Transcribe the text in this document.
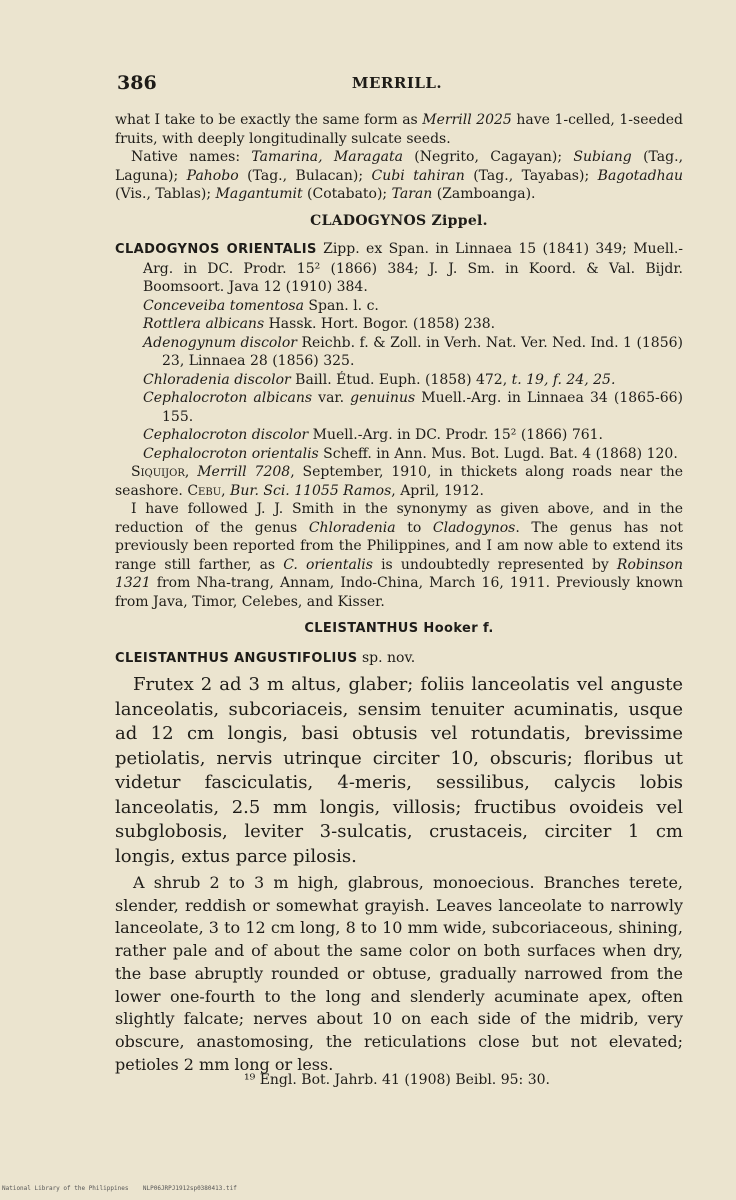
386	MERRILL.

what I take to be exactly the same form as Merrill 2025 have 1-celled, 1-seeded fruits, with deeply longitudinally sulcate seeds.

Native names: Tamarina, Maragata (Negrito, Cagayan); Subiang (Tag., Laguna); Pahobo (Tag., Bulacan); Cubi tahiran (Tag., Tayabas); Bagotadhau (Vis., Tablas); Magantumit (Cotabato); Taran (Zamboanga).

CLADOGYNOS Zippel.

CLADOGYNOS ORIENTALIS Zipp. ex Span. in Linnaea 15 (1841) 349; Muell.-Arg. in DC. Prodr. 15² (1866) 384; J. J. Sm. in Koord. & Val. Bijdr. Boomsoort. Java 12 (1910) 384.

Conceveiba tomentosa Span. l. c.

Rottlera albicans Hassk. Hort. Bogor. (1858) 238.

Adenogynum discolor Reichb. f. & Zoll. in Verh. Nat. Ver. Ned. Ind. 1 (1856) 23, Linnaea 28 (1856) 325.

Chloradenia discolor Baill. Étud. Euph. (1858) 472, t. 19, f. 24, 25.

Cephalocroton albicans var. genuinus Muell.-Arg. in Linnaea 34 (1865-66) 155.

Cephalocroton discolor Muell.-Arg. in DC. Prodr. 15² (1866) 761.

Cephalocroton orientalis Scheff. in Ann. Mus. Bot. Lugd. Bat. 4 (1868) 120.

Siquijor, Merrill 7208, September, 1910, in thickets along roads near the seashore. Cebu, Bur. Sci. 11055 Ramos, April, 1912.

I have followed J. J. Smith in the synonymy as given above, and in the reduction of the genus Chloradenia to Cladogynos. The genus has not previously been reported from the Philippines, and I am now able to extend its range still farther, as C. orientalis is undoubtedly represented by Robinson 1321 from Nha-trang, Annam, Indo-China, March 16, 1911. Previously known from Java, Timor, Celebes, and Kisser.

CLEISTANTHUS Hooker f.

CLEISTANTHUS ANGUSTIFOLIUS sp. nov.

Frutex 2 ad 3 m altus, glaber; foliis lanceolatis vel anguste lanceolatis, subcoriaceis, sensim tenuiter acuminatis, usque ad 12 cm longis, basi obtusis vel rotundatis, brevissime petiolatis, nervis utrinque circiter 10, obscuris; floribus ut videtur fasciculatis, 4-meris, sessilibus, calycis lobis lanceolatis, 2.5 mm longis, villosis; fructibus ovoideis vel subglobosis, leviter 3-sulcatis, crustaceis, circiter 1 cm longis, extus parce pilosis.

A shrub 2 to 3 m high, glabrous, monoecious. Branches terete, slender, reddish or somewhat grayish. Leaves lanceolate to narrowly lanceolate, 3 to 12 cm long, 8 to 10 mm wide, subcoriaceous, shining, rather pale and of about the same color on both surfaces when dry, the base abruptly rounded or obtuse, gradually narrowed from the lower one-fourth to the long and slenderly acuminate apex, often slightly falcate; nerves about 10 on each side of the midrib, very obscure, anastomosing, the reticulations close but not elevated; petioles 2 mm long or less.

¹⁹ Engl. Bot. Jahrb. 41 (1908) Beibl. 95: 30.
National Library of the Philippines    NLP06JRPJ1912sp0380413.tif
